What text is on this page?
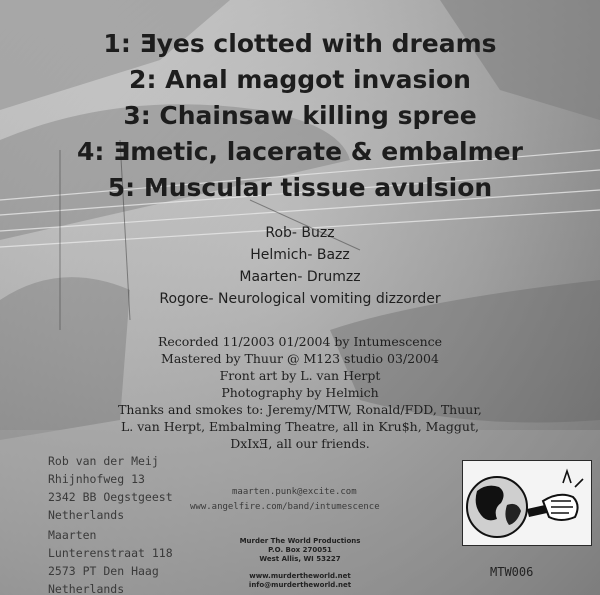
1: Ǝyes clotted with dreams
2: Anal maggot invasion
3: Chainsaw killing spree
4: Ǝmetic, lacerate & embalmer
5: Muscular tissue avulsion
Rob- Buzz
Helmich- Bazz
Maarten- Drumzz
Rogore- Neurological vomiting dizzorder
Recorded 11/2003 01/2004 by Intumescence
Mastered by Thuur @ M123 studio 03/2004
Front art by L. van Herpt
Photography by Helmich
Thanks and smokes to: Jeremy/MTW, Ronald/FDD, Thuur,
L. van Herpt, Embalming Theatre, all in Kru$h, Maggut,
DxIxƎ, all our friends.
Rob van der Meij
Rhijnhofweg 13
2342 BB Oegstgeest
Netherlands
Maarten
Lunterenstraat 118
2573 PT Den Haag
Netherlands
maarten.punk@excite.com
www.angelfire.com/band/intumescence
Murder The World Productions
P.O. Box 270051
West Allis, WI 53227
www.murdertheworld.net
info@murdertheworld.net
MTW006
